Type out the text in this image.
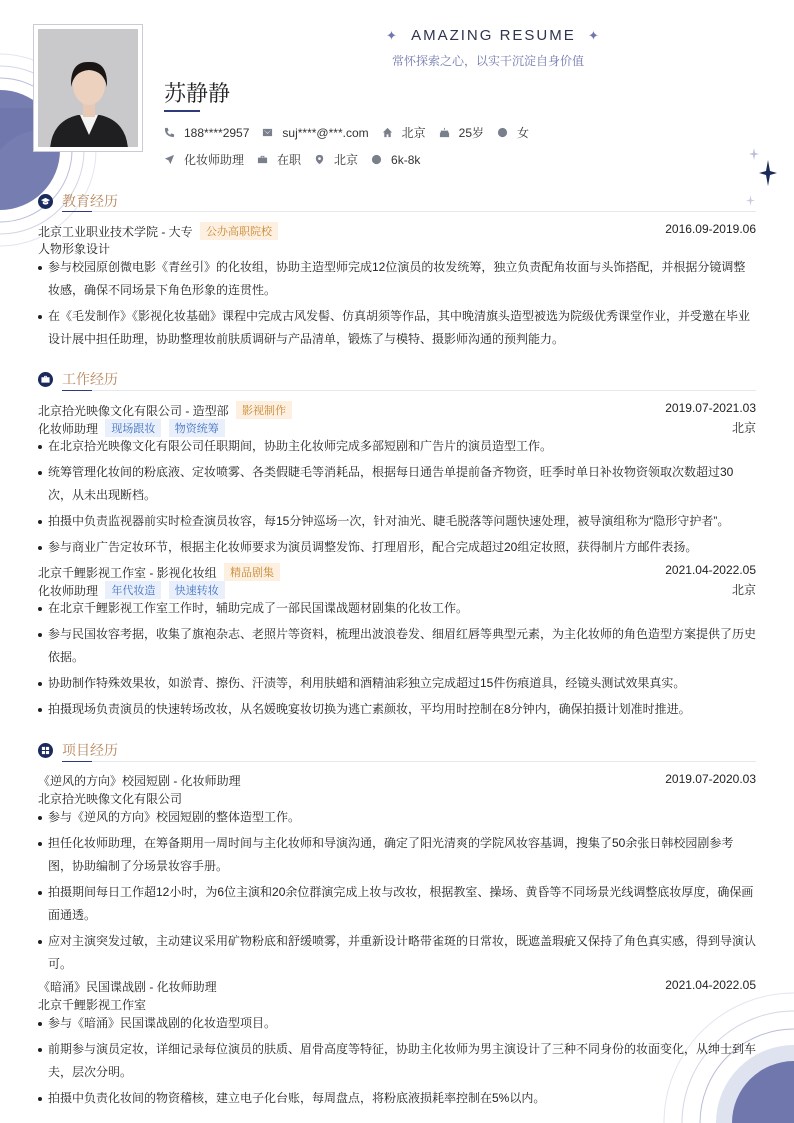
✦ AMAZING RESUME ✦
常怀探索之心，以实干沉淀自身价值
苏静静
188****2957	suj****@***.com	北京	25岁	女
化妆师助理	在职	北京	6k-8k
教育经历
北京工业职业技术学院 - 大专 公办高职院校	2016.09-2019.06
人物形象设计
参与校园原创微电影《青丝引》的化妆组，协助主造型师完成12位演员的妆发统筹，独立负责配角妆面与头饰搭配，并根据分镜调整妆感，确保不同场景下角色形象的连贯性。
在《毛发制作》《影视化妆基础》课程中完成古风发髻、仿真胡须等作品，其中晚清旗头造型被选为院级优秀课堂作业，并受邀在毕业设计展中担任助理，协助整理妆前肤质调研与产品清单，锻炼了与模特、摄影师沟通的预判能力。
工作经历
北京拾光映像文化有限公司 - 造型部 影视制作	2019.07-2021.03
化妆师助理 现场跟妆 物资统筹	北京
在北京拾光映像文化有限公司任职期间，协助主化妆师完成多部短剧和广告片的演员造型工作。
统筹管理化妆间的粉底液、定妆喷雾、各类假睫毛等消耗品，根据每日通告单提前备齐物资，旺季时单日补妆物资领取次数超过30次，从未出现断档。
拍摄中负责监视器前实时检查演员妆容，每15分钟巡场一次，针对油光、睫毛脱落等问题快速处理，被导演组称为“隐形守护者”。
参与商业广告定妆环节，根据主化妆师要求为演员调整发饰、打理眉形，配合完成超过20组定妆照，获得制片方邮件表扬。
北京千鲤影视工作室 - 影视化妆组 精品剧集	2021.04-2022.05
化妆师助理 年代妆造 快速转妆	北京
在北京千鲤影视工作室工作时，辅助完成了一部民国谍战题材剧集的化妆工作。
参与民国妆容考据，收集了旗袍杂志、老照片等资料，梳理出波浪卷发、细眉红唇等典型元素，为主化妆师的角色造型方案提供了历史依据。
协助制作特殊效果妆，如淤青、擦伤、汗渍等，利用肤蜡和酒精油彩独立完成超过15件伤痕道具，经镜头测试效果真实。
拍摄现场负责演员的快速转场改妆，从名媛晚宴妆切换为逃亡素颜妆，平均用时控制在8分钟内，确保拍摄计划准时推进。
项目经历
《逆风的方向》校园短剧 - 化妆师助理	2019.07-2020.03
北京拾光映像文化有限公司
参与《逆风的方向》校园短剧的整体造型工作。
担任化妆师助理，在筹备期用一周时间与主化妆师和导演沟通，确定了阳光清爽的学院风妆容基调，搜集了50余张日韩校园剧参考图，协助编制了分场景妆容手册。
拍摄期间每日工作超12小时，为6位主演和20余位群演完成上妆与改妆，根据教室、操场、黄昏等不同场景光线调整底妆厚度，确保画面通透。
应对主演突发过敏，主动建议采用矿物粉底和舒缓喷雾，并重新设计略带雀斑的日常妆，既遮盖瑕疵又保持了角色真实感，得到导演认可。
《暗涌》民国谍战剧 - 化妆师助理	2021.04-2022.05
北京千鲤影视工作室
参与《暗涌》民国谍战剧的化妆造型项目。
前期参与演员定妆，详细记录每位演员的肤质、眉骨高度等特征，协助主化妆师为男主演设计了三种不同身份的妆面变化，从绅士到车夫，层次分明。
拍摄中负责化妆间的物资稽核，建立电子化台账，每周盘点，将粉底液损耗率控制在5%以内。
